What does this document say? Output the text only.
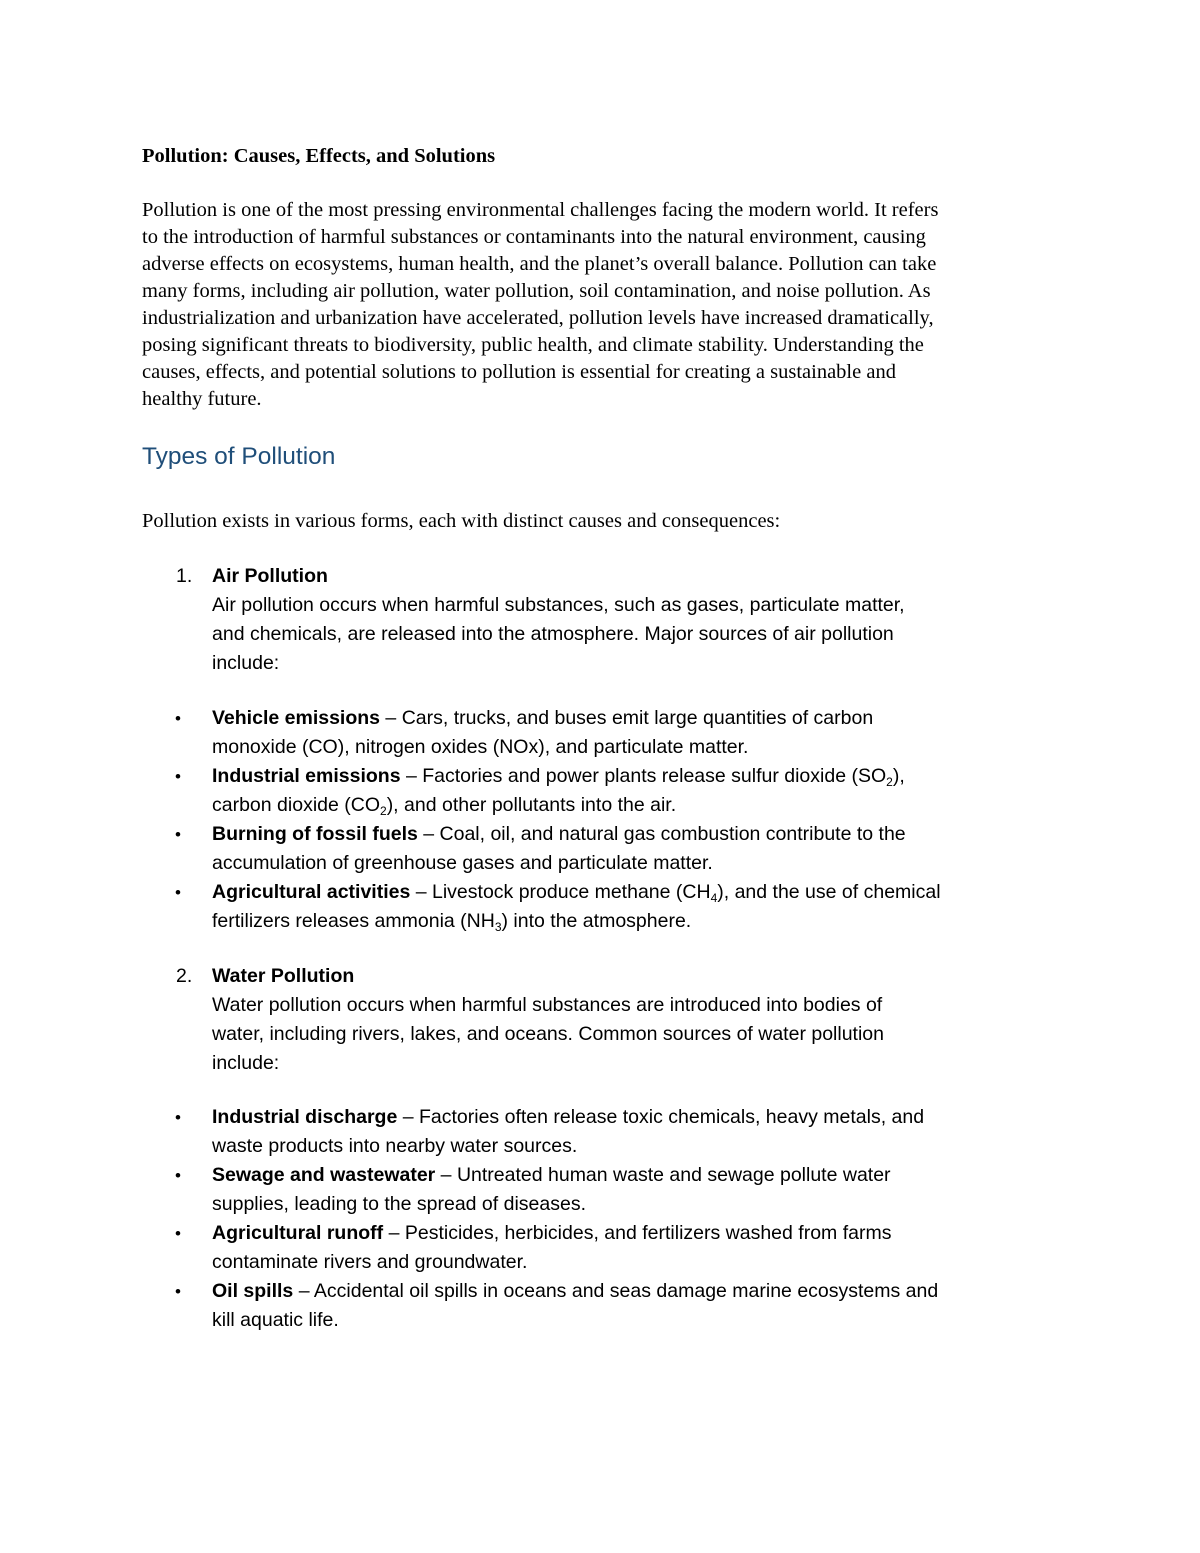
Pollution: Causes, Effects, and Solutions

Pollution is one of the most pressing environmental challenges facing the modern world. It refers
to the introduction of harmful substances or contaminants into the natural environment, causing
adverse effects on ecosystems, human health, and the planet’s overall balance. Pollution can take
many forms, including air pollution, water pollution, soil contamination, and noise pollution. As
industrialization and urbanization have accelerated, pollution levels have increased dramatically,
posing significant threats to biodiversity, public health, and climate stability. Understanding the
causes, effects, and potential solutions to pollution is essential for creating a sustainable and
healthy future.

Types of Pollution

Pollution exists in various forms, each with distinct causes and consequences:

1. Air Pollution
Air pollution occurs when harmful substances, such as gases, particulate matter,
and chemicals, are released into the atmosphere. Major sources of air pollution
include:
• Vehicle emissions – Cars, trucks, and buses emit large quantities of carbon
monoxide (CO), nitrogen oxides (NOx), and particulate matter.
• Industrial emissions – Factories and power plants release sulfur dioxide $(SO_2)$,
carbon dioxide $(CO_2)$, and other pollutants into the air.
• Burning of fossil fuels – Coal, oil, and natural gas combustion contribute to the
accumulation of greenhouse gases and particulate matter.
• Agricultural activities – Livestock produce methane $(CH_4)$, and the use of chemical
fertilizers releases ammonia $(NH_3)$ into the atmosphere.
2. Water Pollution
Water pollution occurs when harmful substances are introduced into bodies of
water, including rivers, lakes, and oceans. Common sources of water pollution
include:
• Industrial discharge – Factories often release toxic chemicals, heavy metals, and
waste products into nearby water sources.
• Sewage and wastewater – Untreated human waste and sewage pollute water
supplies, leading to the spread of diseases.
• Agricultural runoff – Pesticides, herbicides, and fertilizers washed from farms
contaminate rivers and groundwater.
• Oil spills – Accidental oil spills in oceans and seas damage marine ecosystems and
kill aquatic life.
